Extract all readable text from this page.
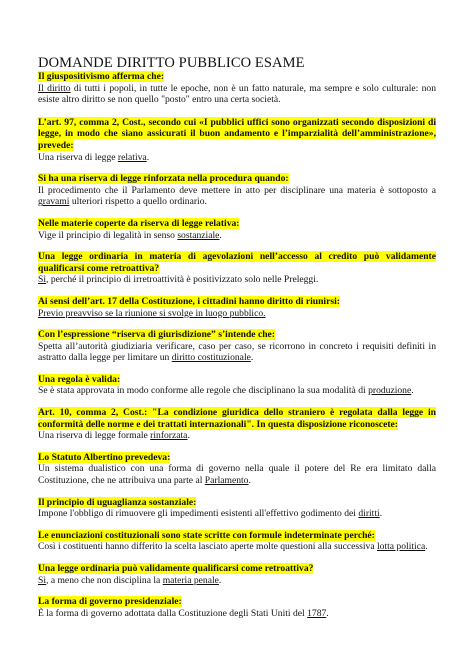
DOMANDE DIRITTO PUBBLICO ESAME
Il giuspositivismo afferma che:
Il diritto di tutti i popoli, in tutte le epoche, non è un fatto naturale, ma sempre e solo culturale: non esiste altro diritto se non quello "posto" entro una certa società.
L’art. 97, comma 2, Cost., secondo cui «I pubblici uffici sono organizzati secondo disposizioni di legge, in modo che siano assicurati il buon andamento e l’imparzialità dell’amministrazione», prevede:
Una riserva di legge relativa.
Si ha una riserva di legge rinforzata nella procedura quando:
Il procedimento che il Parlamento deve mettere in atto per disciplinare una materia è sottoposto a gravami ulteriori rispetto a quello ordinario.
Nelle materie coperte da riserva di legge relativa:
Vige il principio di legalità in senso sostanziale.
Una legge ordinaria in materia di agevolazioni nell’accesso al credito può validamente qualificarsi come retroattiva?
Sì, perché il principio di irretroattività è positivizzato solo nelle Preleggi.
Ai sensi dell’art. 17 della Costituzione, i cittadini hanno diritto di riunirsi:
Previo preavviso se la riunione si svolge in luogo pubblico.
Con l’espressione “riserva di giurisdizione” s’intende che:
Spetta all’autorità giudiziaria verificare, caso per caso, se ricorrono in concreto i requisiti definiti in astratto dalla legge per limitare un diritto costituzionale.
Una regola è valida:
Se è stata approvata in modo conforme alle regole che disciplinano la sua modalità di produzione.
Art. 10, comma 2, Cost.: "La condizione giuridica dello straniero è regolata dalla legge in conformità delle norme e dei trattati internazionali". In questa disposizione riconoscete:
Una riserva di legge formale rinforzata.
Lo Statuto Albertino prevedeva:
Un sistema dualistico con una forma di governo nella quale il potere del Re era limitato dalla Costituzione, che ne attribuiva una parte al Parlamento.
Il principio di uguaglianza sostanziale:
Impone l'obbligo di rimuovere gli impedimenti esistenti all'effettivo godimento dei diritti.
Le enunciazioni costituzionali sono state scritte con formule indeterminate perché:
Così i costituenti hanno differito la scelta lasciato aperte molte questioni alla successiva lotta politica.
Una legge ordinaria può validamente qualificarsi come retroattiva?
Sì, a meno che non disciplina la materia penale.
La forma di governo presidenziale:
È la forma di governo adottata dalla Costituzione degli Stati Uniti del 1787.
